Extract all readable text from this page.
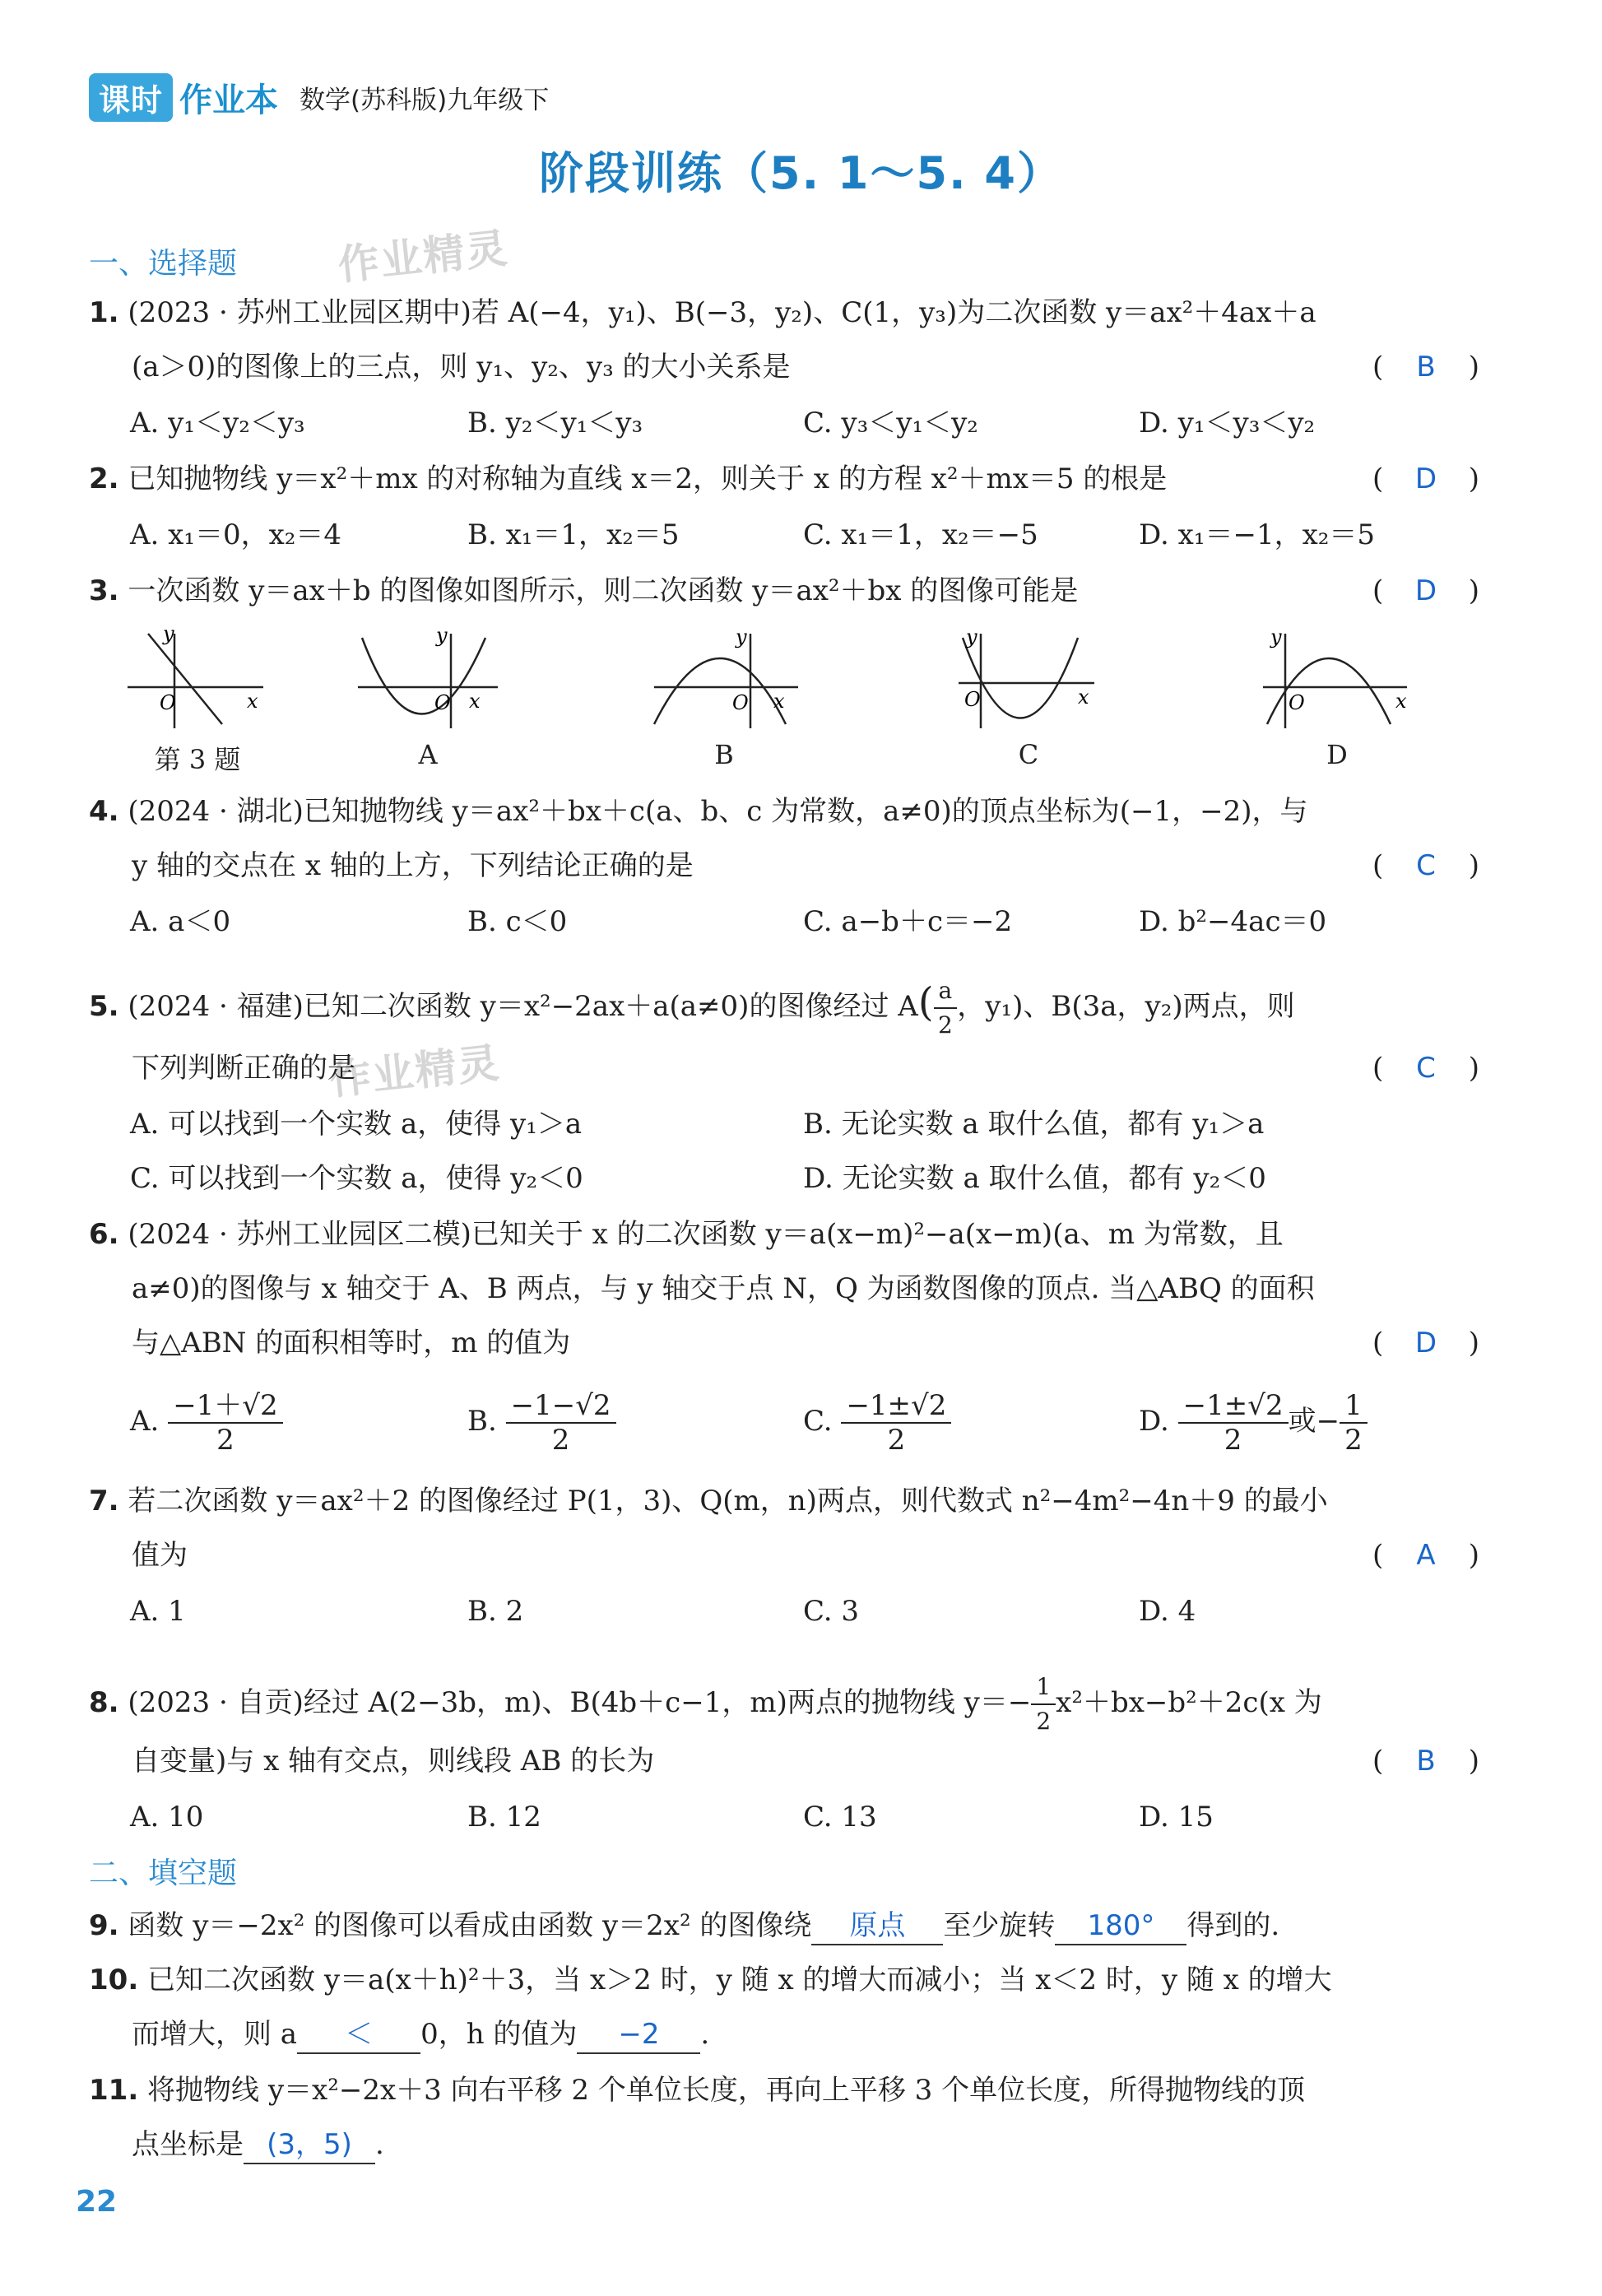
课时 作业本 数学(苏科版)九年级下
阶段训练（5. 1～5. 4）
作业精灵
作业精灵
一、选择题
1. (2023 · 苏州工业园区期中)若 A(−4，y₁)、B(−3，y₂)、C(1，y₃)为二次函数 y＝ax²＋4ax＋a
(a＞0)的图像上的三点，则 y₁、y₂、y₃ 的大小关系是	( B )
A. y₁＜y₂＜y₃	B. y₂＜y₁＜y₃	C. y₃＜y₁＜y₂	D. y₁＜y₃＜y₂
2. 已知抛物线 y＝x²＋mx 的对称轴为直线 x＝2，则关于 x 的方程 x²＋mx＝5 的根是	( D )
A. x₁＝0，x₂＝4	B. x₁＝1，x₂＝5	C. x₁＝1，x₂＝−5	D. x₁＝−1，x₂＝5
3. 一次函数 y＝ax＋b 的图像如图所示，则二次函数 y＝ax²＋bx 的图像可能是	( D )
y
x
O
y
x
O
y
x
O
y
x
O
y
x
O
第 3 题	A	B	C	D
4. (2024 · 湖北)已知抛物线 y＝ax²＋bx＋c(a、b、c 为常数，a≠0)的顶点坐标为(−1，−2)，与
y 轴的交点在 x 轴的上方，下列结论正确的是	( C )
A. a＜0	B. c＜0	C. a−b＋c＝−2	D. b²−4ac＝0
5. (2024 · 福建)已知二次函数 y＝x²−2ax＋a(a≠0)的图像经过 $A( \frac{a}{2}$ ，y₁)、B(3a，y₂)两点，则
下列判断正确的是	( C )
A. 可以找到一个实数 a，使得 y₁＞a	B. 无论实数 a 取什么值，都有 y₁＞a
C. 可以找到一个实数 a，使得 y₂＜0	D. 无论实数 a 取什么值，都有 y₂＜0
6. (2024 · 苏州工业园区二模)已知关于 x 的二次函数 y＝a(x−m)²−a(x−m)(a、m 为常数，且
a≠0)的图像与 x 轴交于 A、B 两点，与 y 轴交于点 N，Q 为函数图像的顶点. 当△ABQ 的面积
与△ABN 的面积相等时，m 的值为	( D )
A. $\frac{-1+√2}{2}$	B. $\frac{-1-√2}{2}$	C. $\frac{-1\pm√2}{2}$	D. $\frac{-1\pm√2}{2}$ 或− $\frac{1}{2}$
7. 若二次函数 y＝ax²＋2 的图像经过 P(1，3)、Q(m，n)两点，则代数式 n²−4m²−4n＋9 的最小
值为	( A )
A. 1	B. 2	C. 3	D. 4
8. (2023 · 自贡)经过 A(2−3b，m)、B(4b＋c−1，m)两点的抛物线 $y=- \frac{1}{2} x^2+bx-b^2+2c(x$ 为
自变量)与 x 轴有交点，则线段 AB 的长为	( B )
A. 10	B. 12	C. 13	D. 15
二、填空题
9. 函数 y＝−2x² 的图像可以看成由函数 y＝2x² 的图像绕 原点 至少旋转 180° 得到的.
10. 已知二次函数 y＝a(x＋h)²＋3，当 x＞2 时，y 随 x 的增大而减小；当 x＜2 时，y 随 x 的增大
而增大，则 a ＜ 0，h 的值为 −2 .
11. 将抛物线 y＝x²−2x＋3 向右平移 2 个单位长度，再向上平移 3 个单位长度，所得抛物线的顶
点坐标是 (3，5) .
22
